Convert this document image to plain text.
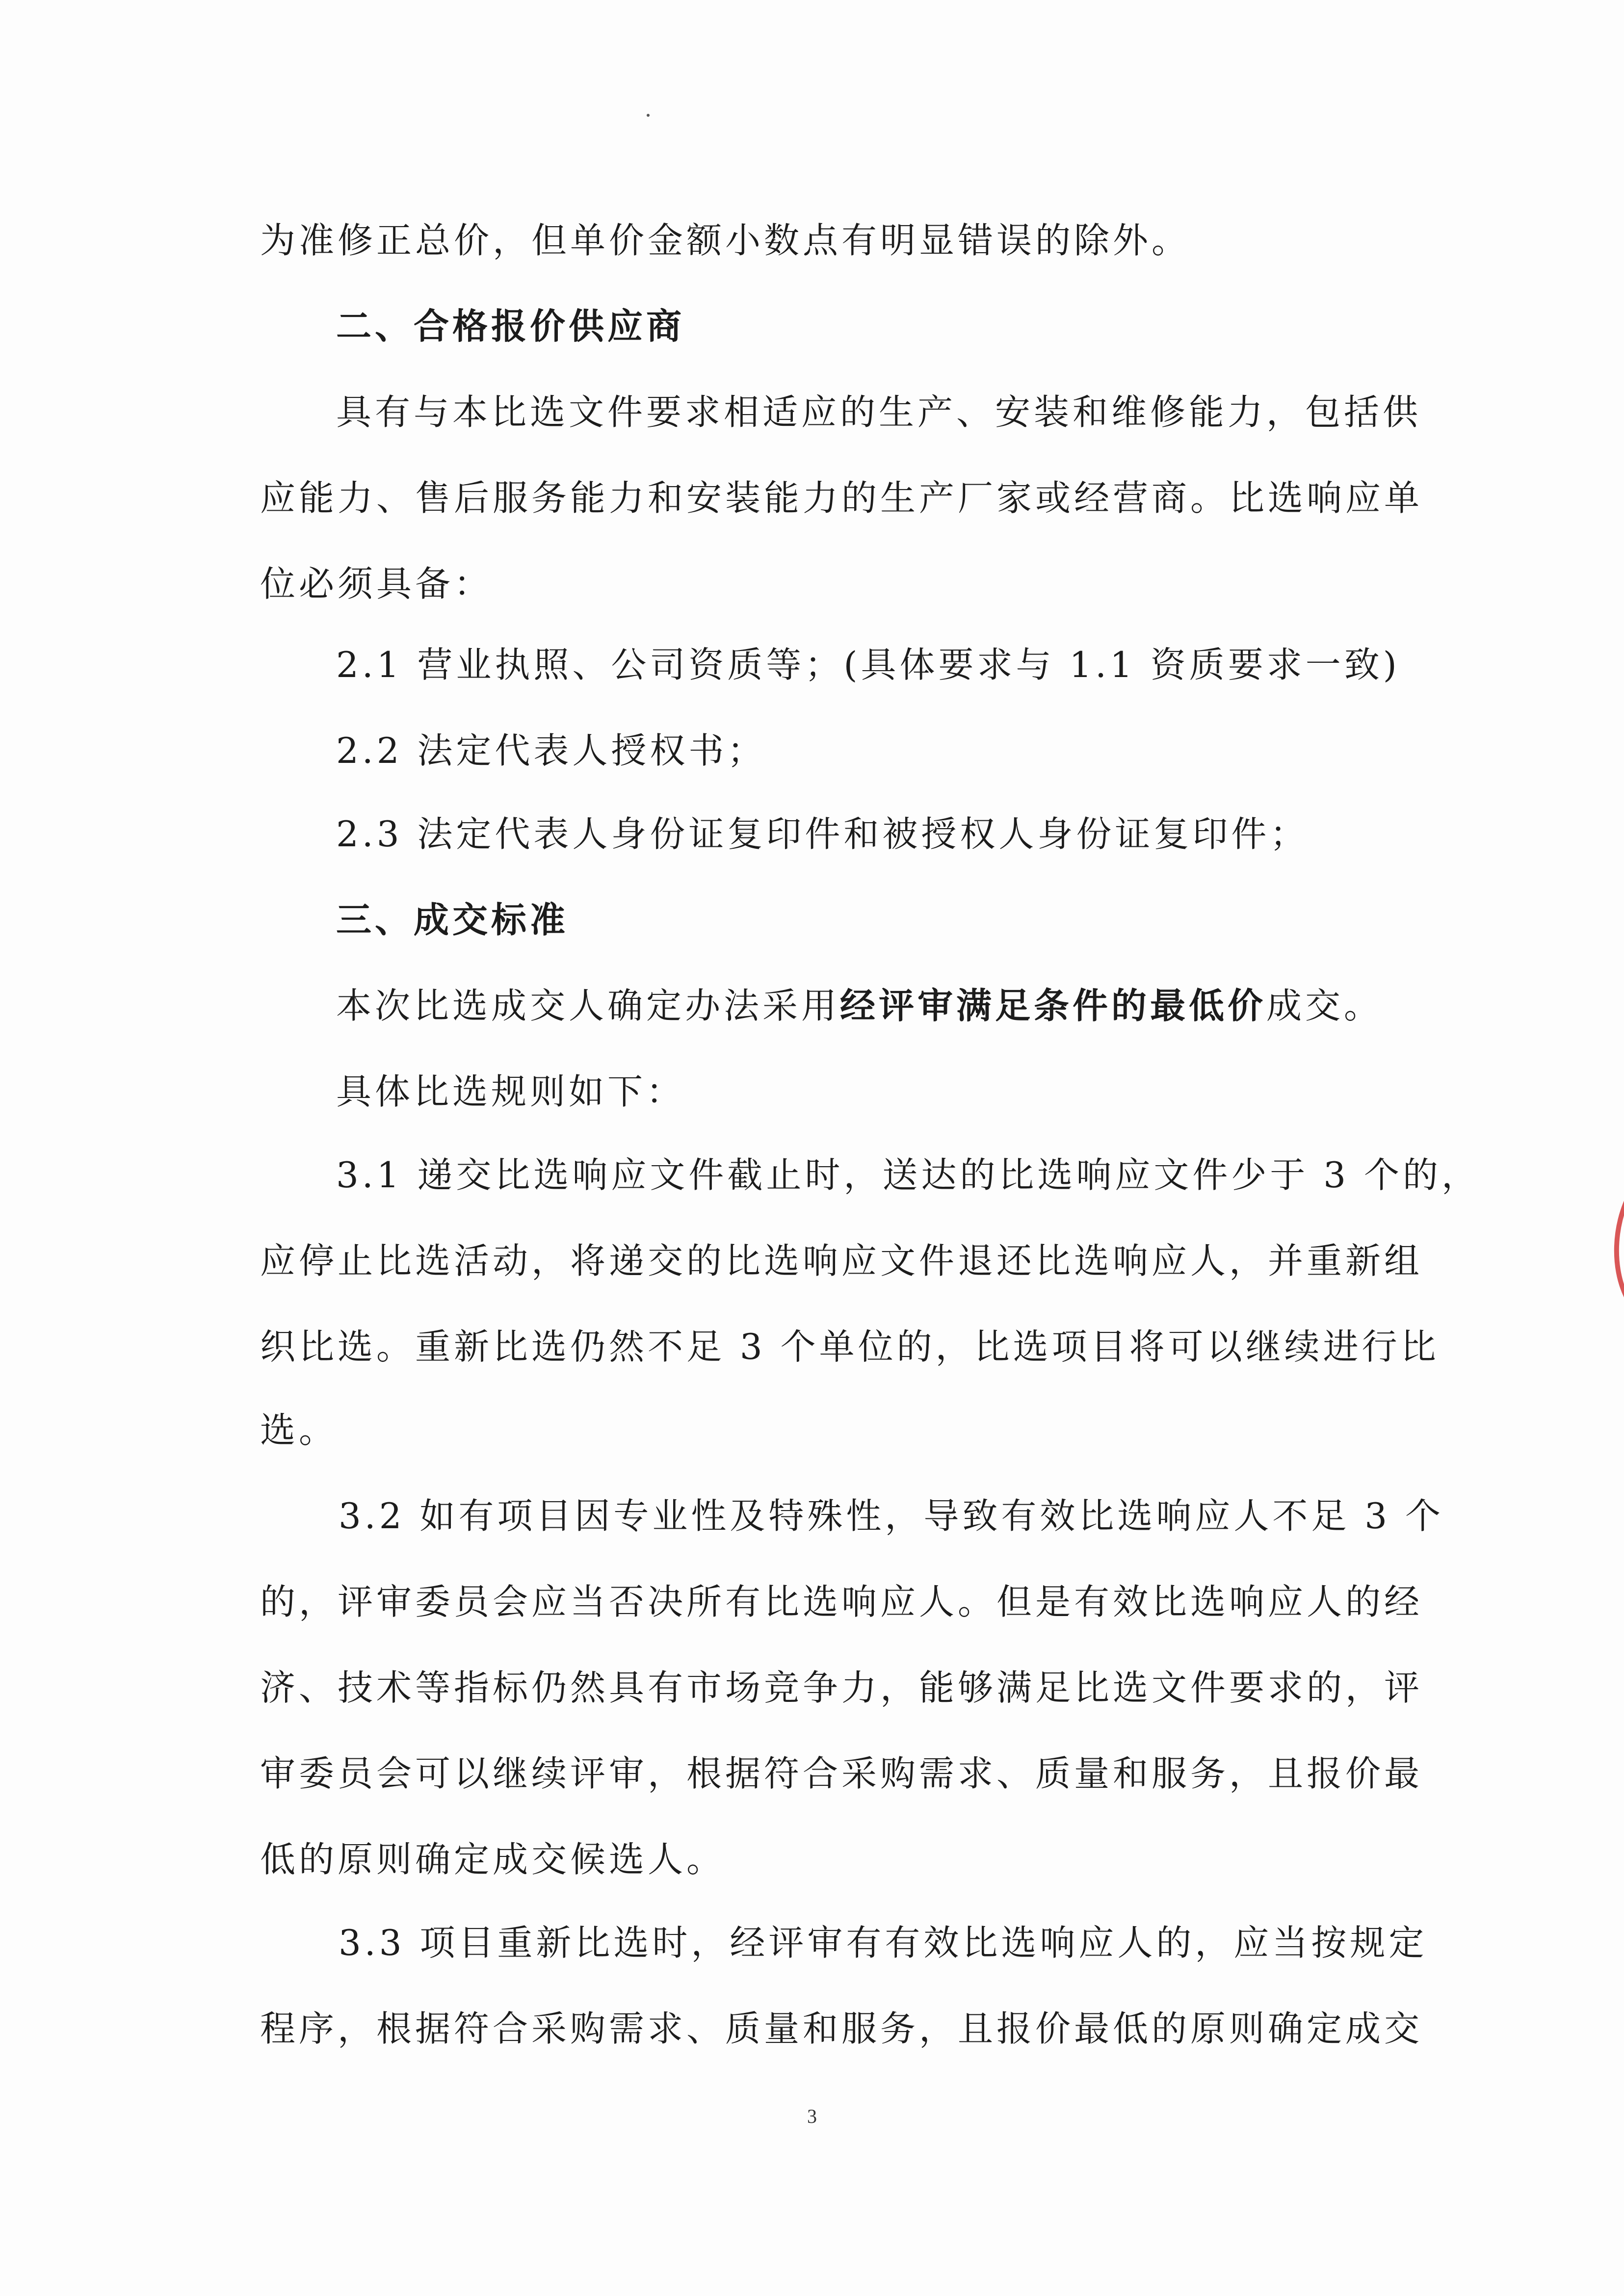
为准修正总价，但单价金额小数点有明显错误的除外。
二、合格报价供应商
具有与本比选文件要求相适应的生产、安装和维修能力，包括供
应能力、售后服务能力和安装能力的生产厂家或经营商。比选响应单
位必须具备：
2.1 营业执照、公司资质等；(具体要求与 1.1 资质要求一致)
2.2 法定代表人授权书；
2.3 法定代表人身份证复印件和被授权人身份证复印件；
三、成交标准
本次比选成交人确定办法采用经评审满足条件的最低价成交。
具体比选规则如下：
3.1 递交比选响应文件截止时，送达的比选响应文件少于 3 个的，
应停止比选活动，将递交的比选响应文件退还比选响应人，并重新组
织比选。重新比选仍然不足 3 个单位的，比选项目将可以继续进行比
选。
3.2 如有项目因专业性及特殊性，导致有效比选响应人不足 3 个
的，评审委员会应当否决所有比选响应人。但是有效比选响应人的经
济、技术等指标仍然具有市场竞争力，能够满足比选文件要求的，评
审委员会可以继续评审，根据符合采购需求、质量和服务，且报价最
低的原则确定成交候选人。
3.3 项目重新比选时，经评审有有效比选响应人的，应当按规定
程序，根据符合采购需求、质量和服务，且报价最低的原则确定成交
3
